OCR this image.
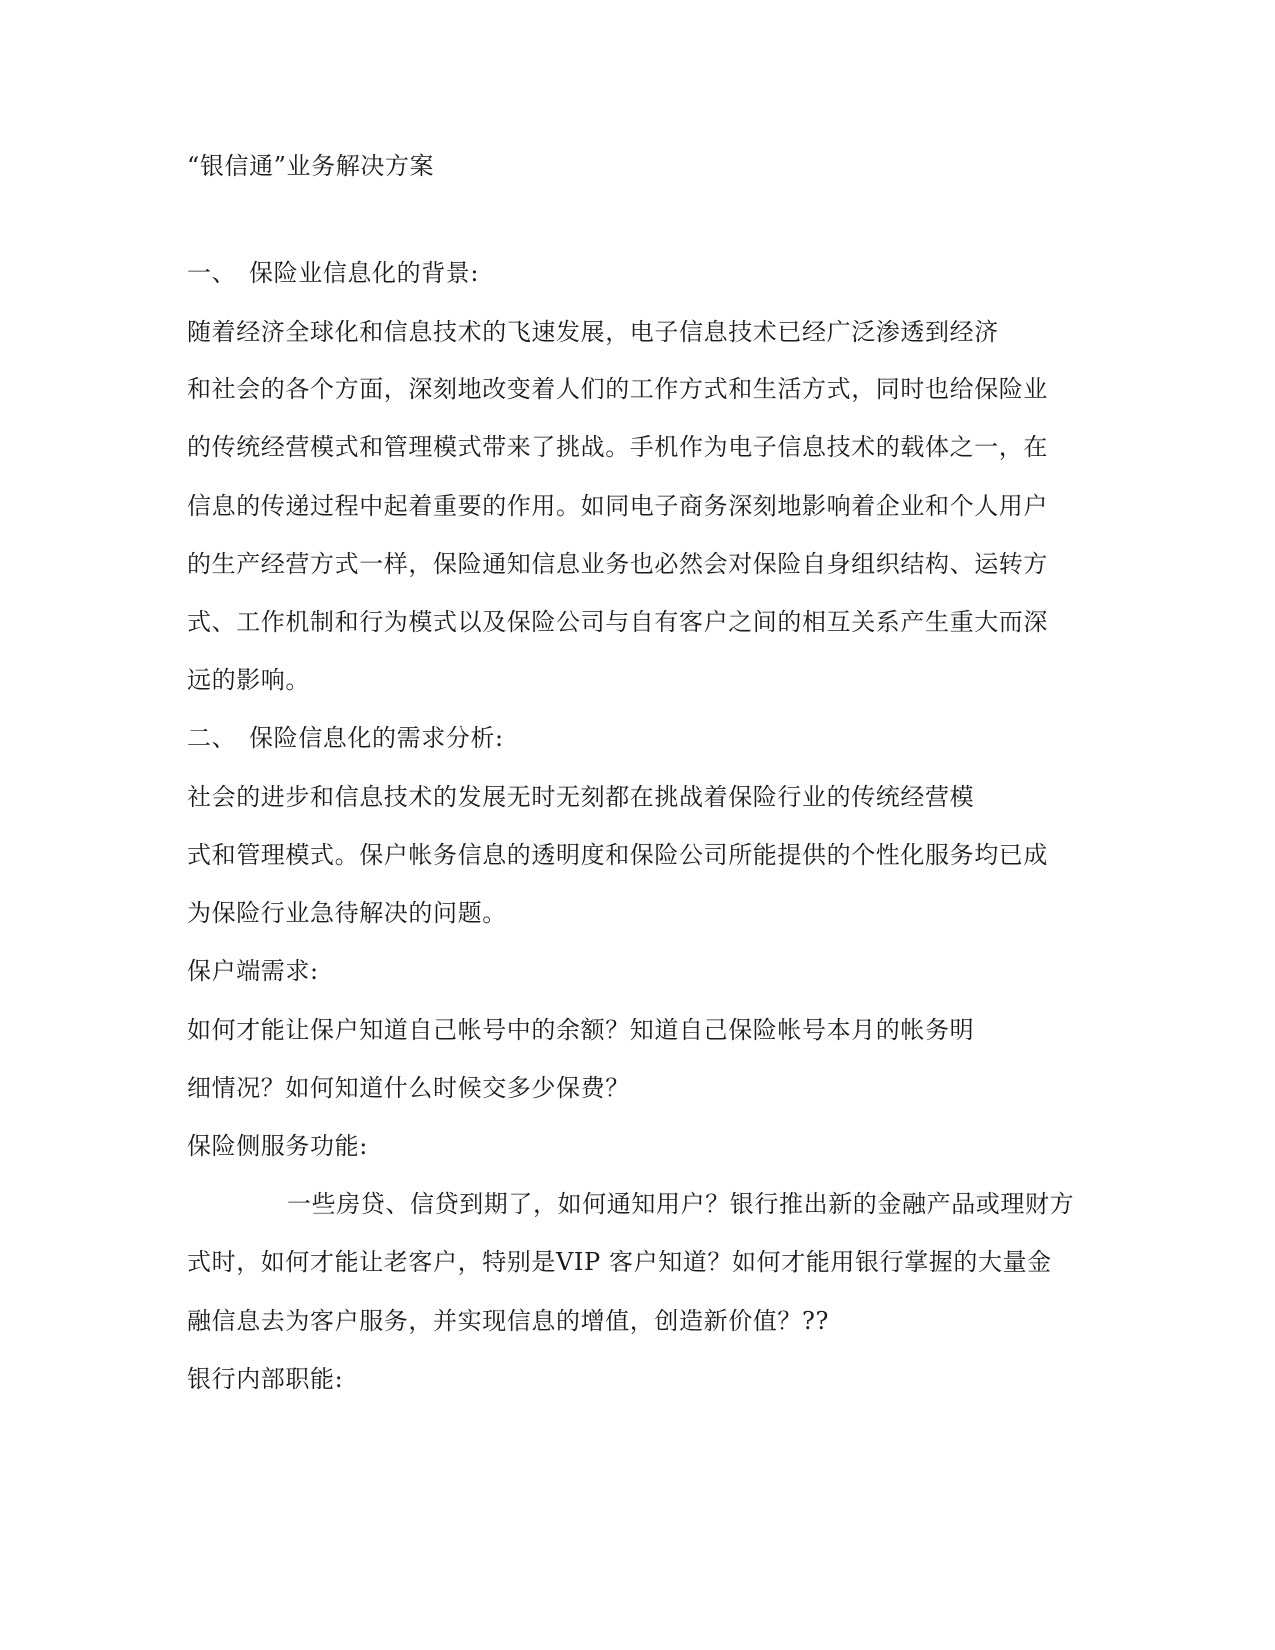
“银信通”业务解决方案
一、 保险业信息化的背景:
随着经济全球化和信息技术的飞速发展，电子信息技术已经广泛渗透到经济
和社会的各个方面，深刻地改变着人们的工作方式和生活方式，同时也给保险业
的传统经营模式和管理模式带来了挑战。手机作为电子信息技术的载体之一，在
信息的传递过程中起着重要的作用。如同电子商务深刻地影响着企业和个人用户
的生产经营方式一样，保险通知信息业务也必然会对保险自身组织结构、运转方
式、工作机制和行为模式以及保险公司与自有客户之间的相互关系产生重大而深
远的影响。
二、 保险信息化的需求分析:
社会的进步和信息技术的发展无时无刻都在挑战着保险行业的传统经营模
式和管理模式。保户帐务信息的透明度和保险公司所能提供的个性化服务均已成
为保险行业急待解决的问题。
保户端需求:
如何才能让保户知道自己帐号中的余额？知道自己保险帐号本月的帐务明
细情况？如何知道什么时候交多少保费？
保险侧服务功能:
一些房贷、信贷到期了，如何通知用户？银行推出新的金融产品或理财方
式时，如何才能让老客户，特别是VIP 客户知道？如何才能用银行掌握的大量金
融信息去为客户服务，并实现信息的增值，创造新价值？??
银行内部职能:
